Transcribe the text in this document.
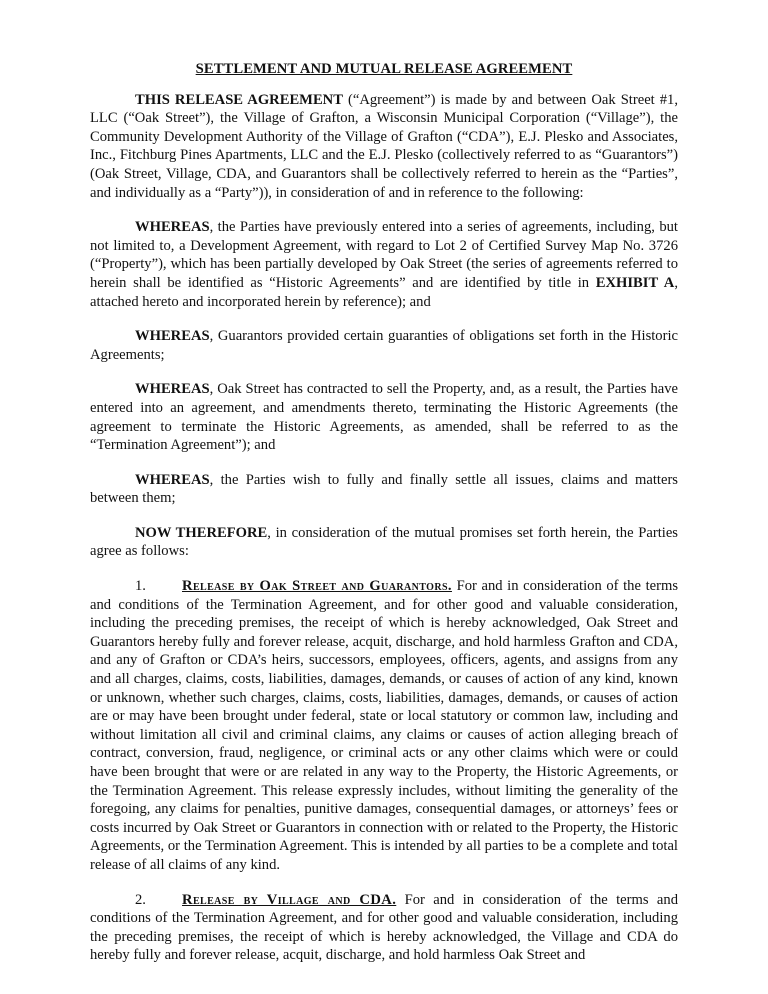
SETTLEMENT AND MUTUAL RELEASE AGREEMENT

THIS RELEASE AGREEMENT (“Agreement”) is made by and between Oak Street #1, LLC (“Oak Street”), the Village of Grafton, a Wisconsin Municipal Corporation (“Village”), the Community Development Authority of the Village of Grafton (“CDA”), E.J. Plesko and Associates, Inc., Fitchburg Pines Apartments, LLC and the E.J. Plesko (collectively referred to as “Guarantors”) (Oak Street, Village, CDA, and Guarantors shall be collectively referred to herein as the “Parties”, and individually as a “Party”)), in consideration of and in reference to the following:

WHEREAS, the Parties have previously entered into a series of agreements, including, but not limited to, a Development Agreement, with regard to Lot 2 of Certified Survey Map No. 3726 (“Property”), which has been partially developed by Oak Street (the series of agreements referred to herein shall be identified as “Historic Agreements” and are identified by title in EXHIBIT A, attached hereto and incorporated herein by reference); and

WHEREAS, Guarantors provided certain guaranties of obligations set forth in the Historic Agreements;

WHEREAS, Oak Street has contracted to sell the Property, and, as a result, the Parties have entered into an agreement, and amendments thereto, terminating the Historic Agreements (the agreement to terminate the Historic Agreements, as amended, shall be referred to as the “Termination Agreement”); and

WHEREAS, the Parties wish to fully and finally settle all issues, claims and matters between them;

NOW THEREFORE, in consideration of the mutual promises set forth herein, the Parties agree as follows:

1. Release by Oak Street and Guarantors. For and in consideration of the terms and conditions of the Termination Agreement, and for other good and valuable consideration, including the preceding premises, the receipt of which is hereby acknowledged, Oak Street and Guarantors hereby fully and forever release, acquit, discharge, and hold harmless Grafton and CDA, and any of Grafton or CDA’s heirs, successors, employees, officers, agents, and assigns from any and all charges, claims, costs, liabilities, damages, demands, or causes of action of any kind, known or unknown, whether such charges, claims, costs, liabilities, damages, demands, or causes of action are or may have been brought under federal, state or local statutory or common law, including and without limitation all civil and criminal claims, any claims or causes of action alleging breach of contract, conversion, fraud, negligence, or criminal acts or any other claims which were or could have been brought that were or are related in any way to the Property, the Historic Agreements, or the Termination Agreement. This release expressly includes, without limiting the generality of the foregoing, any claims for penalties, punitive damages, consequential damages, or attorneys’ fees or costs incurred by Oak Street or Guarantors in connection with or related to the Property, the Historic Agreements, or the Termination Agreement. This is intended by all parties to be a complete and total release of all claims of any kind.

2. Release by Village and CDA. For and in consideration of the terms and conditions of the Termination Agreement, and for other good and valuable consideration, including the preceding premises, the receipt of which is hereby acknowledged, the Village and CDA do hereby fully and forever release, acquit, discharge, and hold harmless Oak Street and
